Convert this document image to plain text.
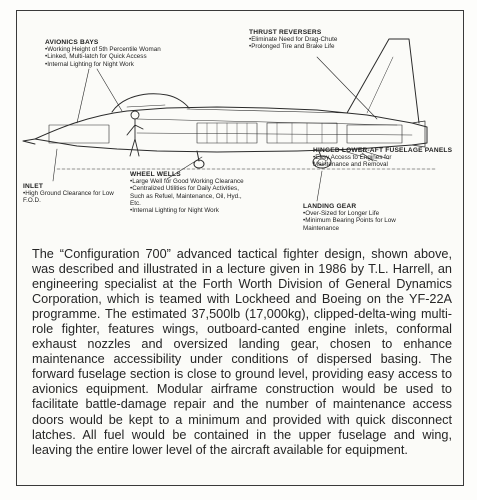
AVIONICS BAYS
• Working Height of 5th Percentile Woman
• Linked, Multi-latch for Quick Access
• Internal Lighting for Night Work
THRUST REVERSERS
• Eliminate Need for Drag-Chute
• Prolonged Tire and Brake Life
HINGED LOWER-AFT FUSELAGE PANELS
• Easy Access to Engines for Maintenance and Removal
INLET
• High Ground Clearance for Low F.O.D.
WHEEL WELLS
• Large Well for Good Working Clearance
• Centralized Utilities for Daily Activities, Such as Refuel, Maintenance, Oil, Hyd., Etc.
• Internal Lighting for Night Work
LANDING GEAR
• Over-Sized for Longer Life
• Minimum Bearing Points for Low Maintenance

The “Configuration 700” advanced tactical fighter design, shown above, was described and illustrated in a lecture given in 1986 by T.L. Harrell, an engineering specialist at the Forth Worth Division of General Dynamics Corporation, which is teamed with Lockheed and Boeing on the YF-22A programme. The estimated 37,500lb (17,000kg), clipped-delta-wing multi-role fighter, features wings, outboard-canted engine inlets, conformal exhaust nozzles and oversized landing gear, chosen to enhance maintenance accessibility under conditions of dispersed basing. The forward fuselage section is close to ground level, providing easy access to avionics equipment. Modular airframe construction would be used to facilitate battle-damage repair and the number of maintenance access doors would be kept to a minimum and provided with quick disconnect latches. All fuel would be contained in the upper fuselage and wing, leaving the entire lower level of the aircraft available for equipment.
